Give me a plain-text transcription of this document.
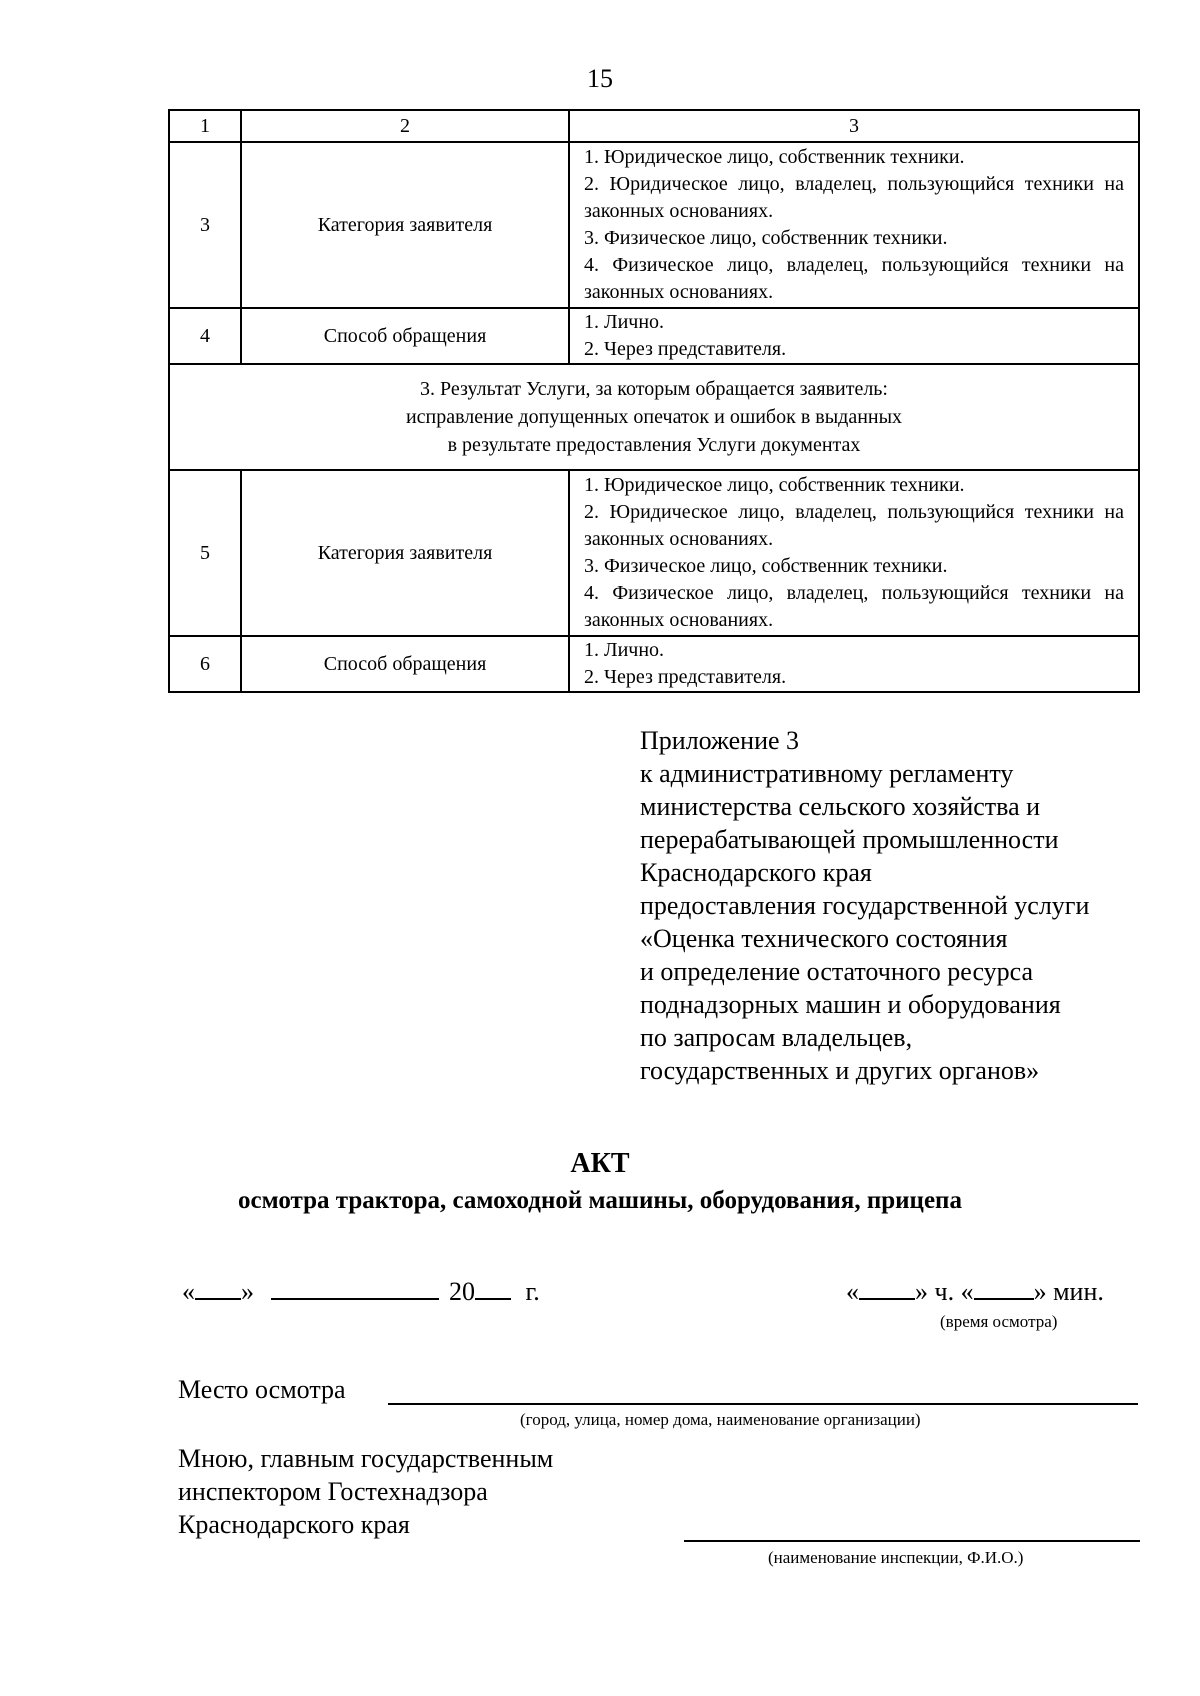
15
1	2	3
3	Категория заявителя	1. Юридическое лицо, собственник техники.
2. Юридическое лицо, владелец, пользующийся техники на законных основаниях.
3. Физическое лицо, собственник техники.
4. Физическое лицо, владелец, пользующийся техники на законных основаниях.

4	Способ обращения	1. Лично.
2. Через представителя.

3. Результат Услуги, за которым обращается заявитель:
исправление допущенных опечаток и ошибок в выданных
в результате предоставления Услуги документах		

5	Категория заявителя	1. Юридическое лицо, собственник техники.
2. Юридическое лицо, владелец, пользующийся техники на законных основаниях.
3. Физическое лицо, собственник техники.
4. Физическое лицо, владелец, пользующийся техники на законных основаниях.

6	Способ обращения	1. Лично.
2. Через представителя.
Приложение 3
к административному регламенту
министерства сельского хозяйства и
перерабатывающей промышленности
Краснодарского края
предоставления государственной услуги
«Оценка технического состояния
и определение остаточного ресурса
поднадзорных машин и оборудования
по запросам владельцев,
государственных и других органов»
АКТ
осмотра трактора, самоходной машины, оборудования, прицепа
« »	20 г.	« » ч. « » мин.
(время осмотра)
Место осмотра
(город, улица, номер дома, наименование организации)
Мною, главным государственным
инспектором Гостехнадзора
Краснодарского края
(наименование инспекции, Ф.И.О.)
